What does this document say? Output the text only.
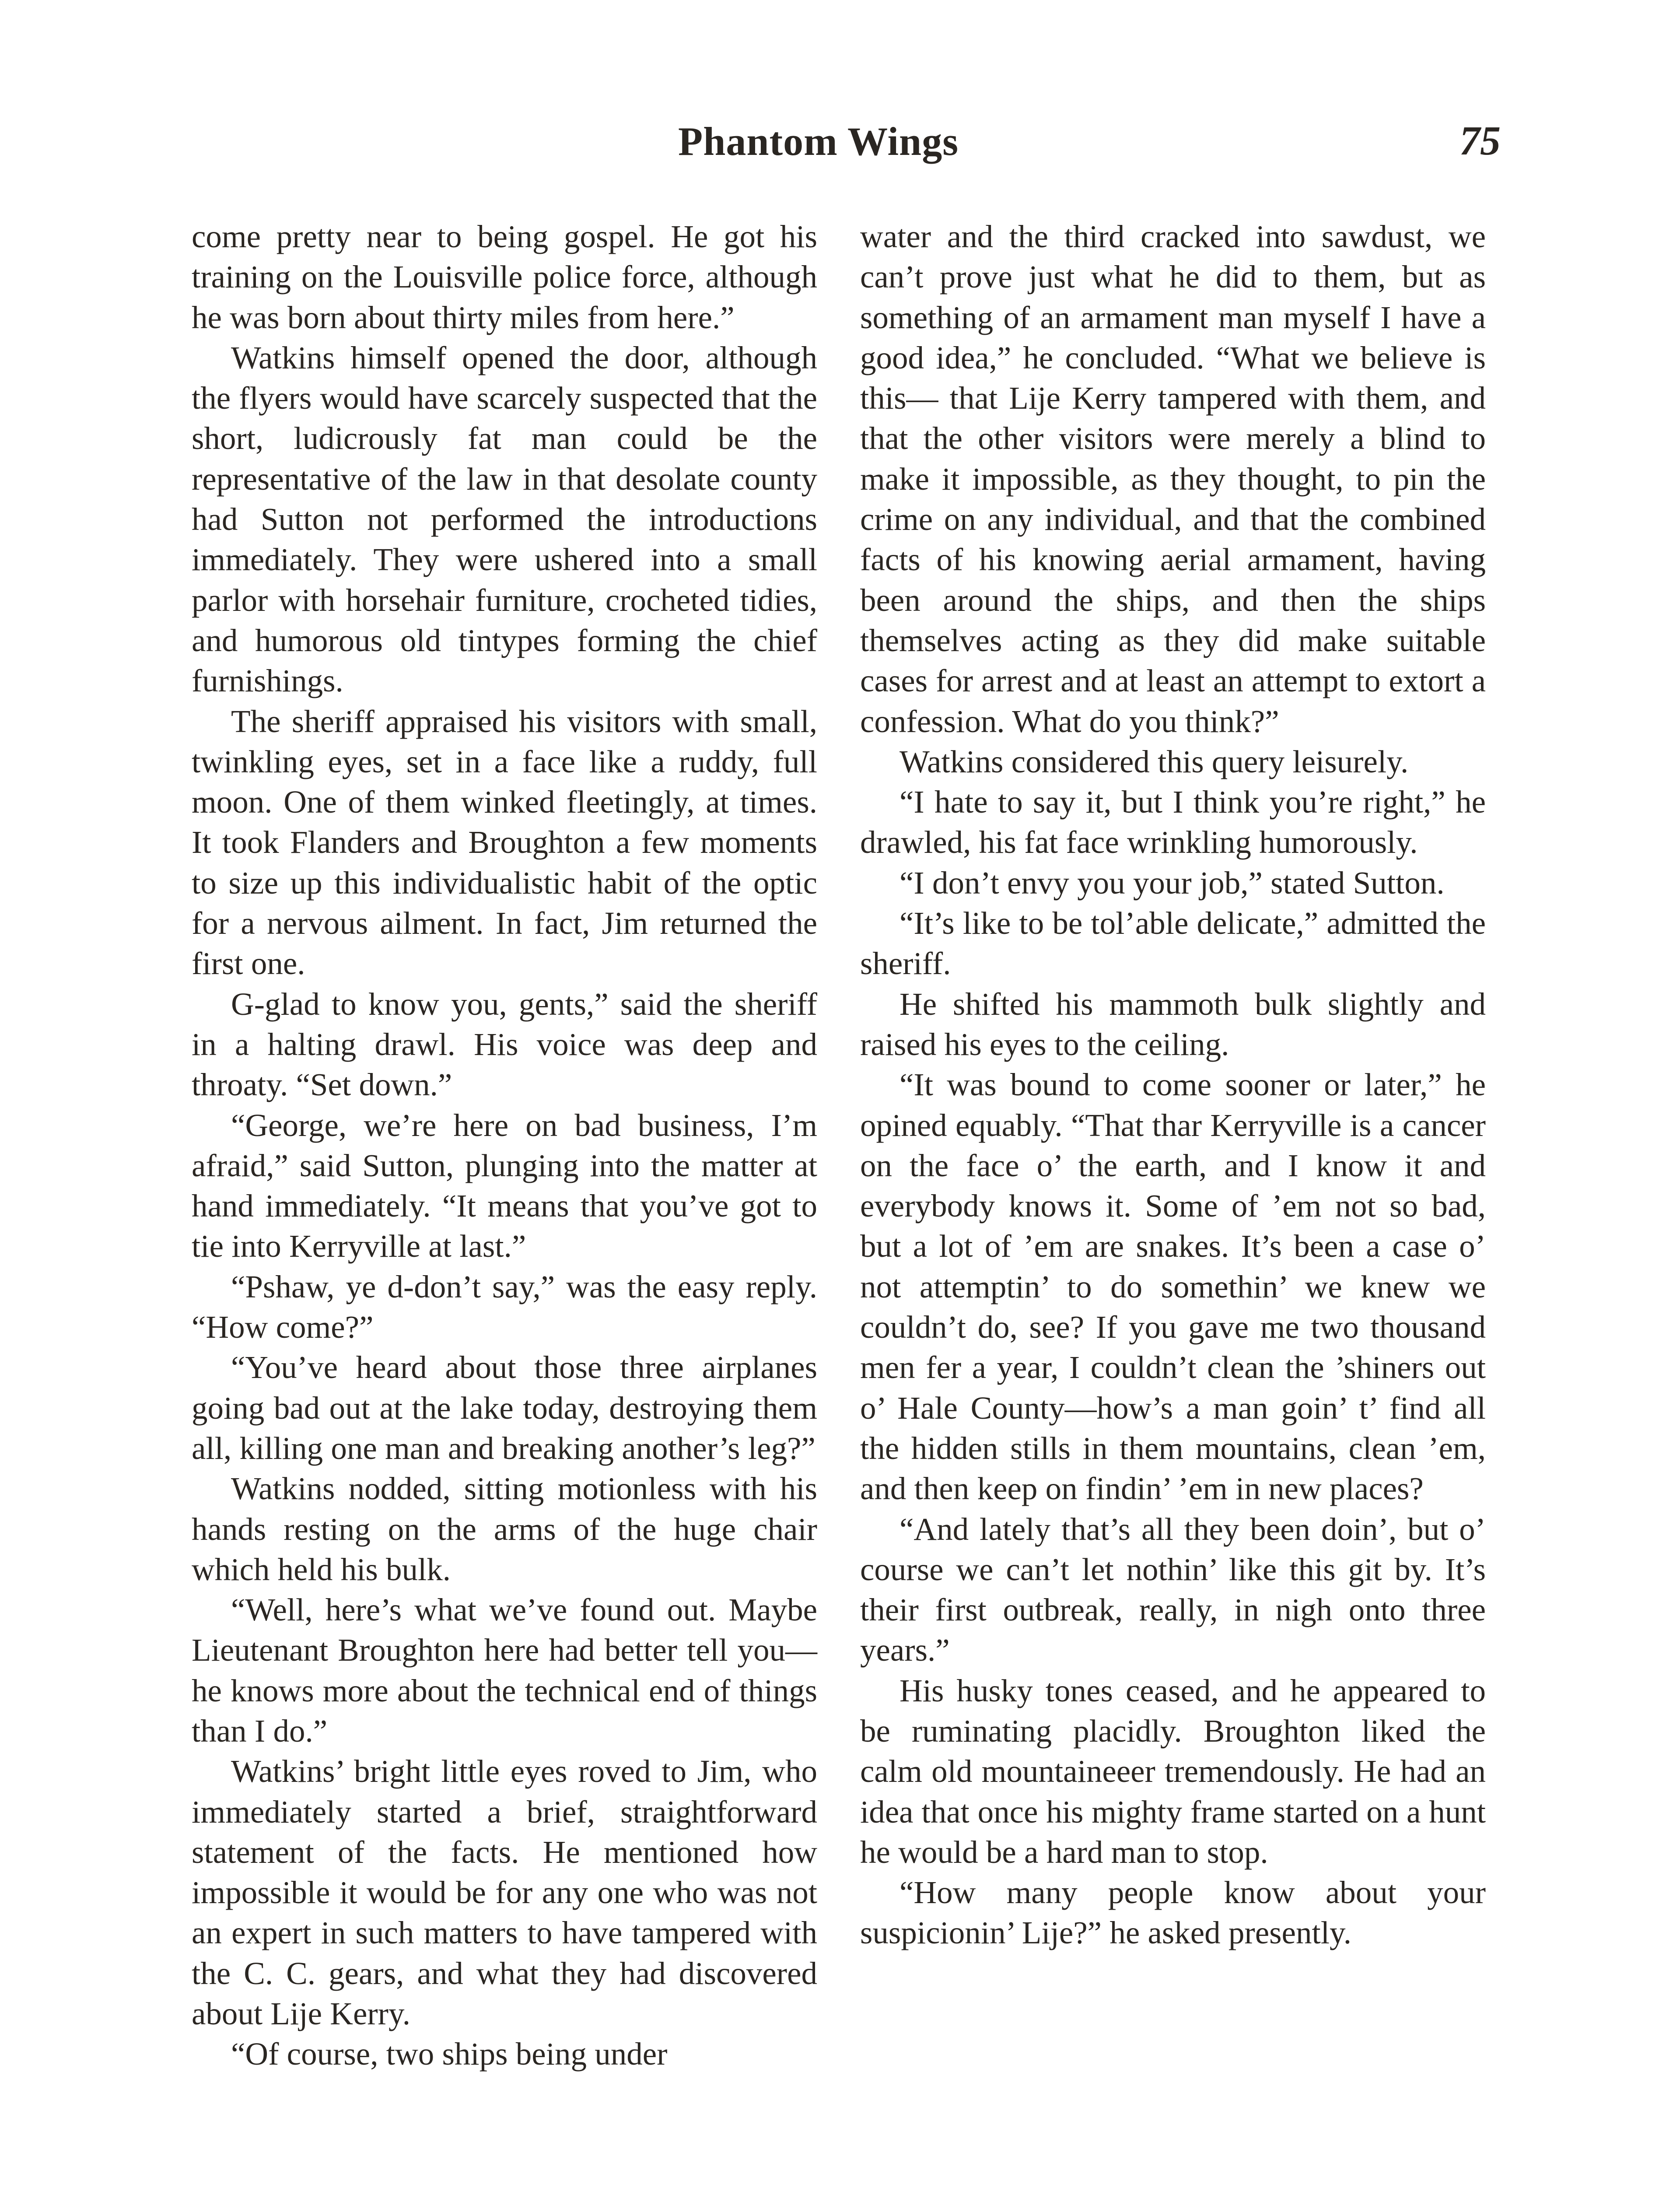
Phantom Wings	75

come pretty near to being gospel. He got his training on the Louisville police force, although he was born about thirty miles from here.”

Watkins himself opened the door, although the flyers would have scarcely suspected that the short, ludicrously fat man could be the representative of the law in that desolate county had Sutton not performed the introductions immediately. They were ushered into a small parlor with horsehair furniture, crocheted tidies, and humorous old tintypes forming the chief furnishings.

The sheriff appraised his visitors with small, twinkling eyes, set in a face like a ruddy, full moon. One of them winked fleetingly, at times. It took Flanders and Broughton a few moments to size up this individualistic habit of the optic for a nervous ailment. In fact, Jim returned the first one.

G-glad to know you, gents,” said the sheriff in a halting drawl. His voice was deep and throaty. “Set down.”

“George, we’re here on bad business, I’m afraid,” said Sutton, plunging into the matter at hand immediately. “It means that you’ve got to tie into Kerryville at last.”

“Pshaw, ye d-don’t say,” was the easy reply. “How come?”

“You’ve heard about those three airplanes going bad out at the lake today, destroying them all, killing one man and breaking another’s leg?”

Watkins nodded, sitting motionless with his hands resting on the arms of the huge chair which held his bulk.

“Well, here’s what we’ve found out. Maybe Lieutenant Broughton here had better tell you—he knows more about the technical end of things than I do.”

Watkins’ bright little eyes roved to Jim, who immediately started a brief, straightforward statement of the facts. He mentioned how impossible it would be for any one who was not an expert in such matters to have tampered with the C. C. gears, and what they had discovered about Lije Kerry.

“Of course, two ships being under

water and the third cracked into sawdust, we can’t prove just what he did to them, but as something of an armament man myself I have a good idea,” he concluded. “What we believe is this— that Lije Kerry tampered with them, and that the other visitors were merely a blind to make it impossible, as they thought, to pin the crime on any individual, and that the combined facts of his knowing aerial armament, having been around the ships, and then the ships themselves acting as they did make suitable cases for arrest and at least an attempt to extort a confession. What do you think?”

Watkins considered this query leisurely.

“I hate to say it, but I think you’re right,” he drawled, his fat face wrinkling humorously.

“I don’t envy you your job,” stated Sutton.

“It’s like to be tol’able delicate,” admitted the sheriff.

He shifted his mammoth bulk slightly and raised his eyes to the ceiling.

“It was bound to come sooner or later,” he opined equably. “That thar Kerryville is a cancer on the face o’ the earth, and I know it and everybody knows it. Some of ’em not so bad, but a lot of ’em are snakes. It’s been a case o’ not attemptin’ to do somethin’ we knew we couldn’t do, see? If you gave me two thousand men fer a year, I couldn’t clean the ’shiners out o’ Hale County—how’s a man goin’ t’ find all the hidden stills in them mountains, clean ’em, and then keep on findin’ ’em in new places?

“And lately that’s all they been doin’, but o’ course we can’t let nothin’ like this git by. It’s their first outbreak, really, in nigh onto three years.”

His husky tones ceased, and he appeared to be ruminating placidly. Broughton liked the calm old mountaineeer tremendously. He had an idea that once his mighty frame started on a hunt he would be a hard man to stop.

“How many people know about your suspicionin’ Lije?” he asked presently.
